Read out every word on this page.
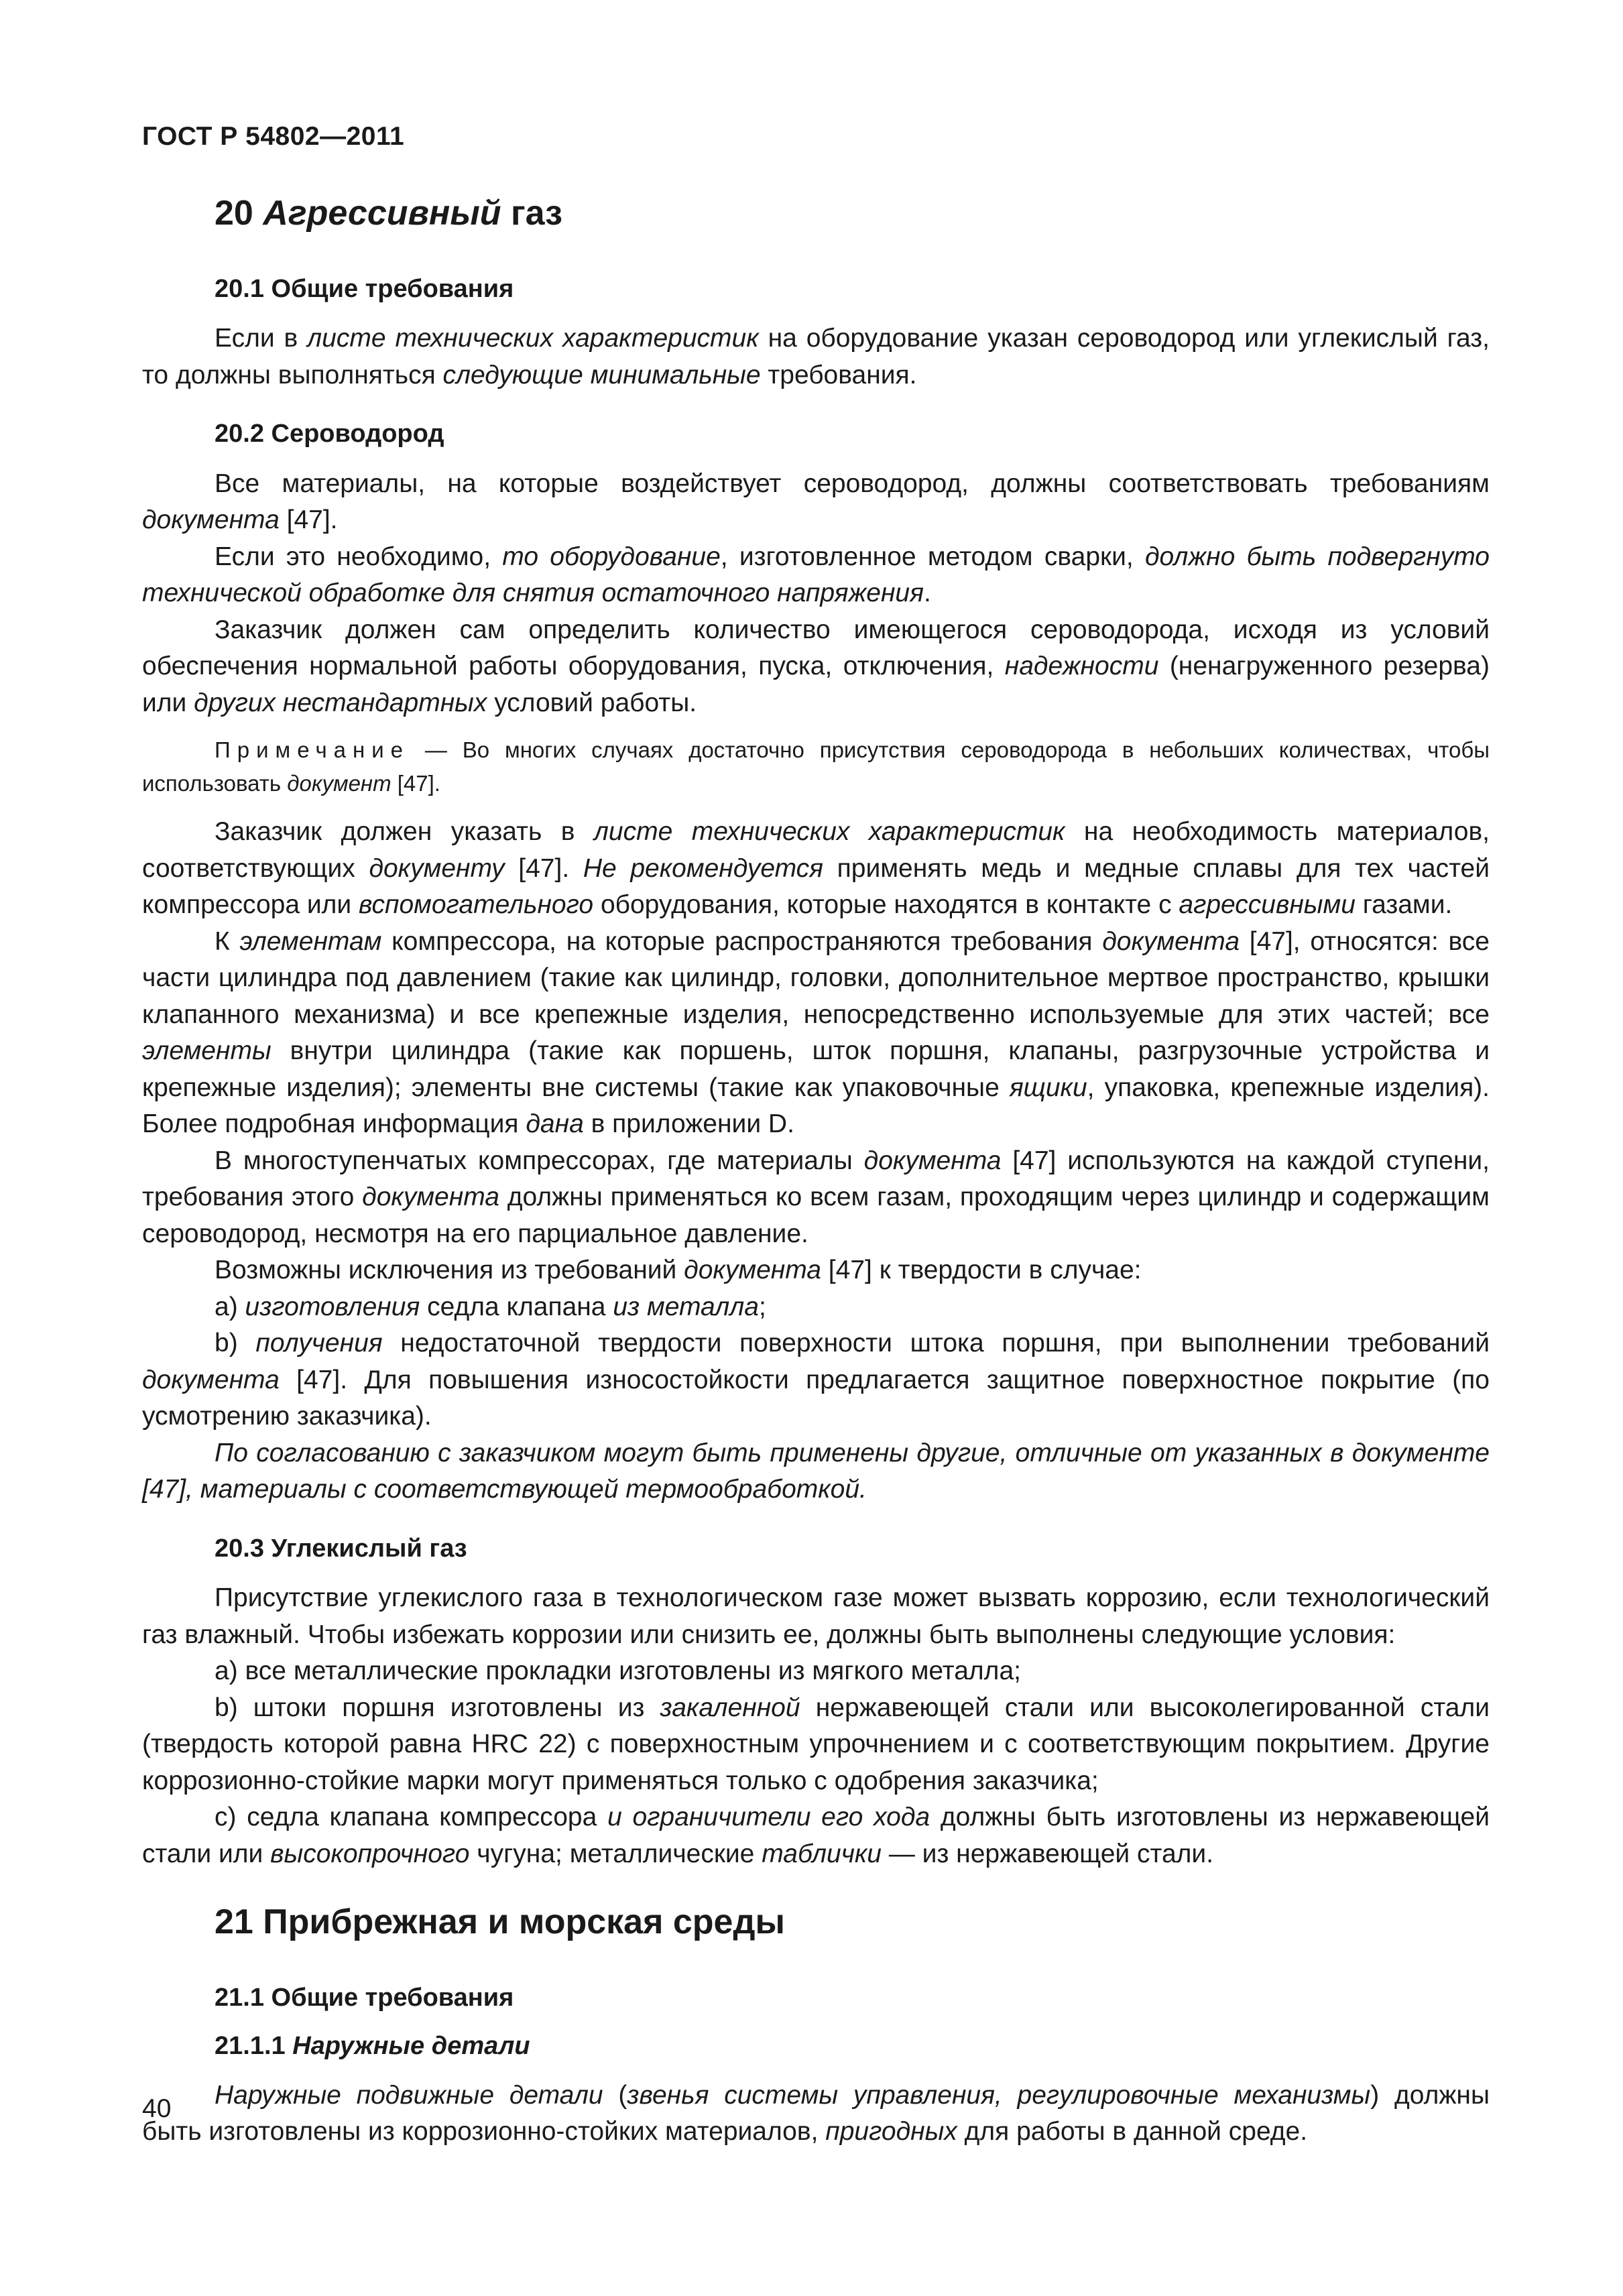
ГОСТ Р 54802—2011
20 Агрессивный газ
20.1 Общие требования

Если в листе технических характеристик на оборудование указан сероводород или углекислый газ, то должны выполняться следующие минимальные требования.

20.2 Сероводород

Все материалы, на которые воздействует сероводород, должны соответствовать требованиям документа [47].

Если это необходимо, то оборудование, изготовленное методом сварки, должно быть подвергнуто технической обработке для снятия остаточного напряжения.

Заказчик должен сам определить количество имеющегося сероводорода, исходя из условий обеспечения нормальной работы оборудования, пуска, отключения, надежности (ненагруженного резерва) или других нестандартных условий работы.

Примечание — Во многих случаях достаточно присутствия сероводорода в небольших количествах, чтобы использовать документ [47].

Заказчик должен указать в листе технических характеристик на необходимость материалов, соответствующих документу [47]. Не рекомендуется применять медь и медные сплавы для тех частей компрессора или вспомогательного оборудования, которые находятся в контакте с агрессивными газами.

К элементам компрессора, на которые распространяются требования документа [47], относятся: все части цилиндра под давлением (такие как цилиндр, головки, дополнительное мертвое пространство, крышки клапанного механизма) и все крепежные изделия, непосредственно используемые для этих частей; все элементы внутри цилиндра (такие как поршень, шток поршня, клапаны, разгрузочные устройства и крепежные изделия); элементы вне системы (такие как упаковочные ящики, упаковка, крепежные изделия). Более подробная информация дана в приложении D.

В многоступенчатых компрессорах, где материалы документа [47] используются на каждой ступени, требования этого документа должны применяться ко всем газам, проходящим через цилиндр и содержащим сероводород, несмотря на его парциальное давление.

Возможны исключения из требований документа [47] к твердости в случае:

а) изготовления седла клапана из металла;

b) получения недостаточной твердости поверхности штока поршня, при выполнении требований документа [47]. Для повышения износостойкости предлагается защитное поверхностное покрытие (по усмотрению заказчика).

По согласованию с заказчиком могут быть применены другие, отличные от указанных в документе [47], материалы с соответствующей термообработкой.

20.3 Углекислый газ

Присутствие углекислого газа в технологическом газе может вызвать коррозию, если технологический газ влажный. Чтобы избежать коррозии или снизить ее, должны быть выполнены следующие условия:

а) все металлические прокладки изготовлены из мягкого металла;

b) штоки поршня изготовлены из закаленной нержавеющей стали или высоколегированной стали (твердость которой равна HRC 22) с поверхностным упрочнением и с соответствующим покрытием. Другие коррозионно-стойкие марки могут применяться только с одобрения заказчика;

с) седла клапана компрессора и ограничители его хода должны быть изготовлены из нержавеющей стали или высокопрочного чугуна; металлические таблички — из нержавеющей стали.

21 Прибрежная и морская среды
21.1 Общие требования
21.1.1 Наружные детали

Наружные подвижные детали (звенья системы управления, регулировочные механизмы) должны быть изготовлены из коррозионно-стойких материалов, пригодных для работы в данной среде.

40
